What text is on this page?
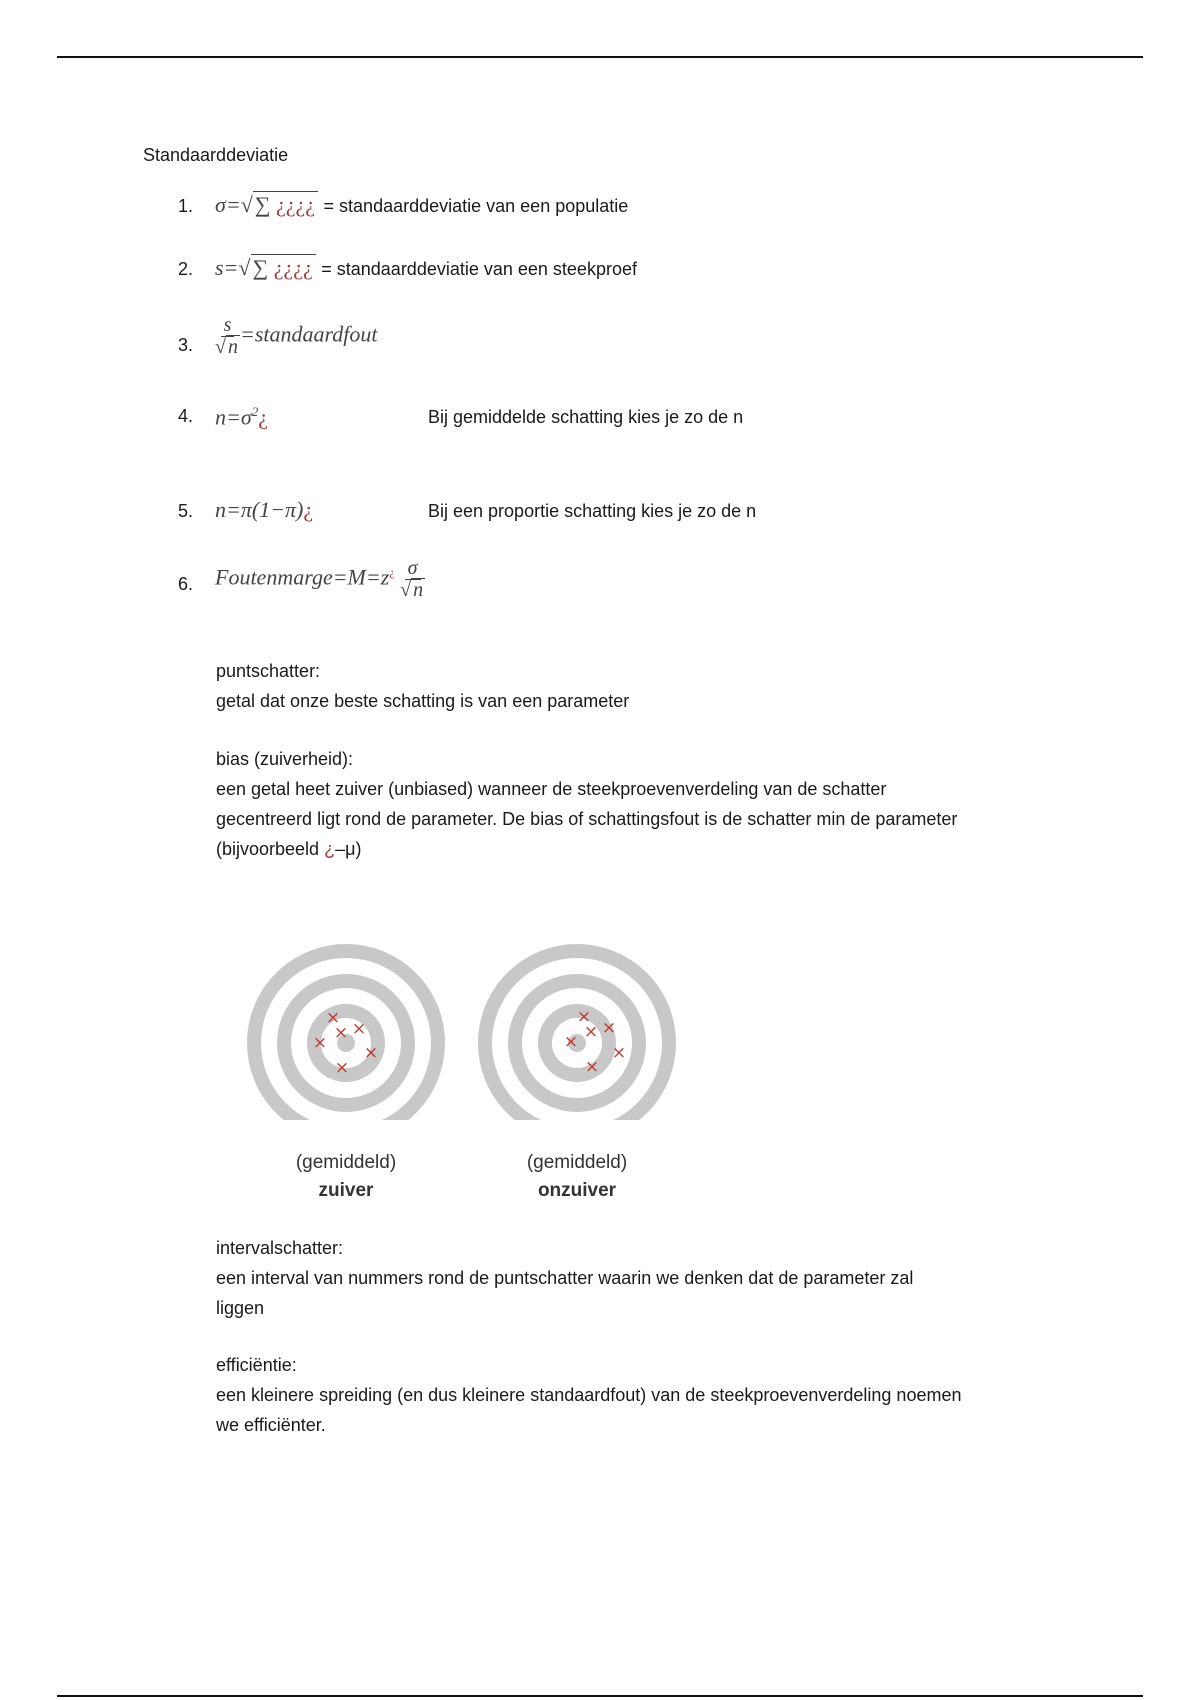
Standaarddeviatie
1. σ=√∑ ¿¿¿¿ = standaarddeviatie van een populatie
2. s=√∑ ¿¿¿¿ = standaarddeviatie van een steekproef
3. $\frac{s}{√ n}$ =standaardfout
4. $n=\sigma^2¿$	Bij gemiddelde schatting kies je zo de n
5. n=π(1−π)¿	Bij een proportie schatting kies je zo de n
6. Foutenmarge=M=z¿ $\frac{\sigma}{√ n}$

puntschatter:

getal dat onze beste schatting is van een parameter

bias (zuiverheid):

een getal heet zuiver (unbiased) wanneer de steekproevenverdeling van de schatter

gecentreerd ligt rond de parameter. De bias of schattingsfout is de schatter min de parameter

(bijvoorbeeld ¿–μ)

×
× ×
× ×
×
×
× ×
×
×
×
(gemiddeld)
zuiver
(gemiddeld)
onzuiver

intervalschatter:

een interval van nummers rond de puntschatter waarin we denken dat de parameter zal

liggen

efficiëntie:

een kleinere spreiding (en dus kleinere standaardfout) van de steekproevenverdeling noemen

we efficiënter.
